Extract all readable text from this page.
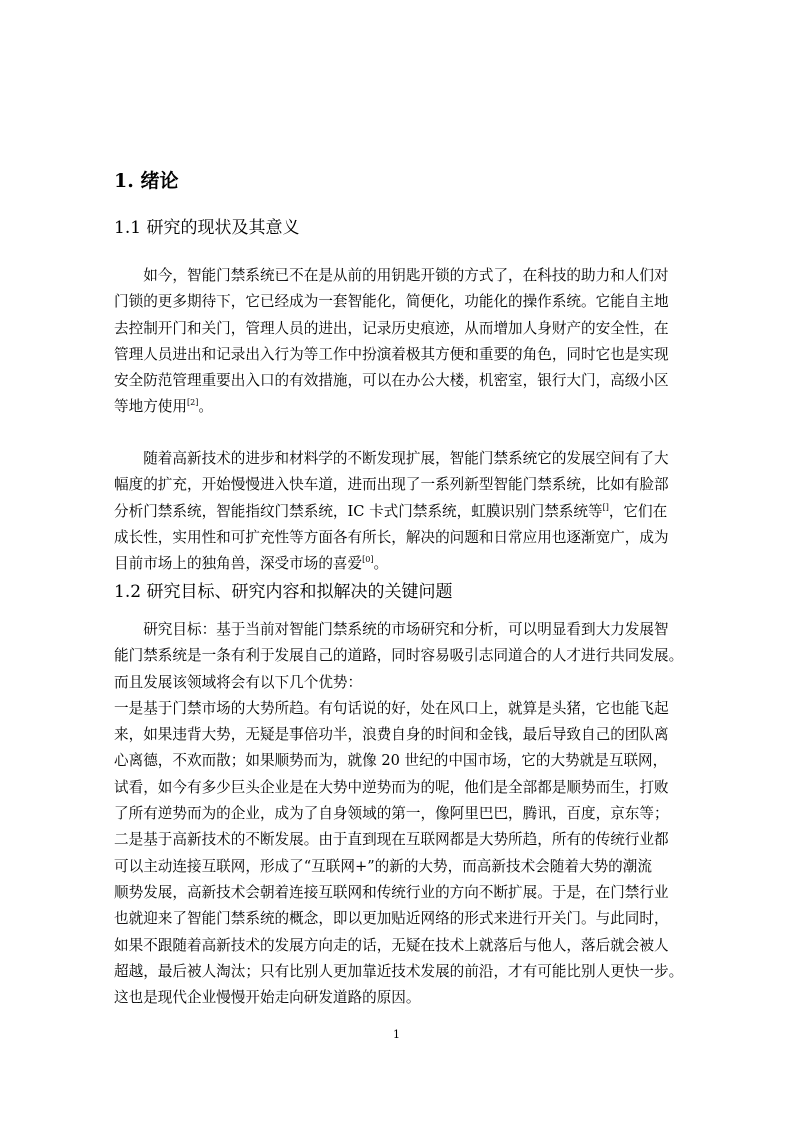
1. 绪论
1.1 研究的现状及其意义
　　如今，智能门禁系统已不在是从前的用钥匙开锁的方式了，在科技的助力和人们对
门锁的更多期待下，它已经成为一套智能化，简便化，功能化的操作系统。它能自主地
去控制开门和关门，管理人员的进出，记录历史痕迹，从而增加人身财产的安全性，在
管理人员进出和记录出入行为等工作中扮演着极其方便和重要的角色，同时它也是实现
安全防范管理重要出入口的有效措施，可以在办公大楼，机密室，银行大门，高级小区
等地方使用[2]。
　　随着高新技术的进步和材料学的不断发现扩展，智能门禁系统它的发展空间有了大
幅度的扩充，开始慢慢进入快车道，进而出现了一系列新型智能门禁系统，比如有脸部
分析门禁系统，智能指纹门禁系统，IC 卡式门禁系统，虹膜识别门禁系统等[]，它们在
成长性，实用性和可扩充性等方面各有所长，解决的问题和日常应用也逐渐宽广，成为
目前市场上的独角兽，深受市场的喜爱[0]。
1.2 研究目标、研究内容和拟解决的关键问题
　　研究目标：基于当前对智能门禁系统的市场研究和分析，可以明显看到大力发展智
能门禁系统是一条有利于发展自己的道路，同时容易吸引志同道合的人才进行共同发展。
而且发展该领域将会有以下几个优势：
一是基于门禁市场的大势所趋。有句话说的好，处在风口上，就算是头猪，它也能飞起
来，如果违背大势，无疑是事倍功半，浪费自身的时间和金钱，最后导致自己的团队离
心离德，不欢而散；如果顺势而为，就像 20 世纪的中国市场，它的大势就是互联网，
试看，如今有多少巨头企业是在大势中逆势而为的呢，他们是全部都是顺势而生，打败
了所有逆势而为的企业，成为了自身领域的第一，像阿里巴巴，腾讯，百度，京东等；
二是基于高新技术的不断发展。由于直到现在互联网都是大势所趋，所有的传统行业都
可以主动连接互联网，形成了“互联网+”的新的大势，而高新技术会随着大势的潮流
顺势发展，高新技术会朝着连接互联网和传统行业的方向不断扩展。于是，在门禁行业
也就迎来了智能门禁系统的概念，即以更加贴近网络的形式来进行开关门。与此同时，
如果不跟随着高新技术的发展方向走的话，无疑在技术上就落后与他人，落后就会被人
超越，最后被人淘汰；只有比别人更加靠近技术发展的前沿，才有可能比别人更快一步。
这也是现代企业慢慢开始走向研发道路的原因。
1
